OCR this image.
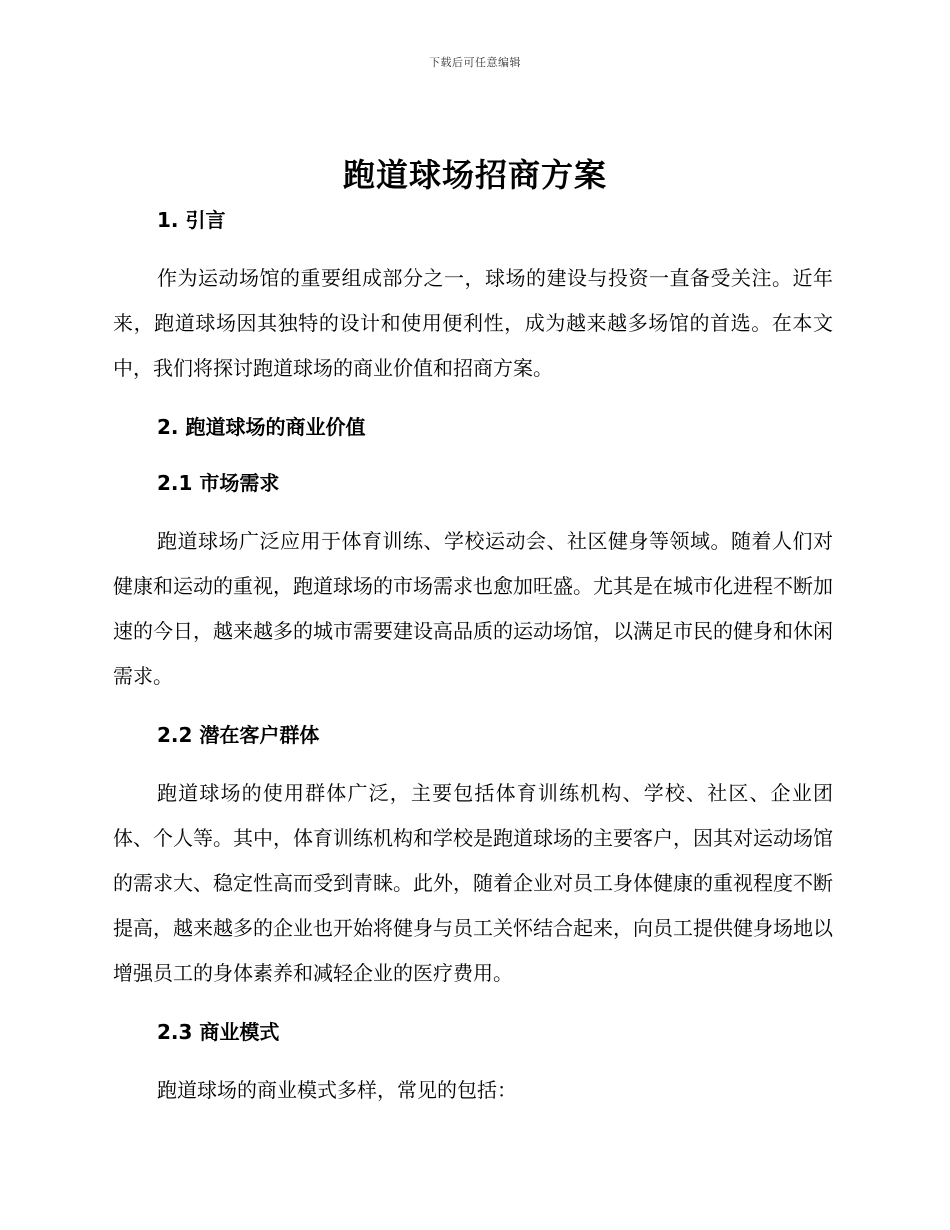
下载后可任意编辑
跑道球场招商方案
1. 引言

作为运动场馆的重要组成部分之一，球场的建设与投资一直备受关注。近年来，跑道球场因其独特的设计和使用便利性，成为越来越多场馆的首选。在本文中，我们将探讨跑道球场的商业价值和招商方案。

2. 跑道球场的商业价值
2.1 市场需求

跑道球场广泛应用于体育训练、学校运动会、社区健身等领域。随着人们对健康和运动的重视，跑道球场的市场需求也愈加旺盛。尤其是在城市化进程不断加速的今日，越来越多的城市需要建设高品质的运动场馆，以满足市民的健身和休闲需求。

2.2 潜在客户群体

跑道球场的使用群体广泛，主要包括体育训练机构、学校、社区、企业团体、个人等。其中，体育训练机构和学校是跑道球场的主要客户，因其对运动场馆的需求大、稳定性高而受到青睐。此外，随着企业对员工身体健康的重视程度不断提高，越来越多的企业也开始将健身与员工关怀结合起来，向员工提供健身场地以增强员工的身体素养和减轻企业的医疗费用。

2.3 商业模式

跑道球场的商业模式多样，常见的包括：
